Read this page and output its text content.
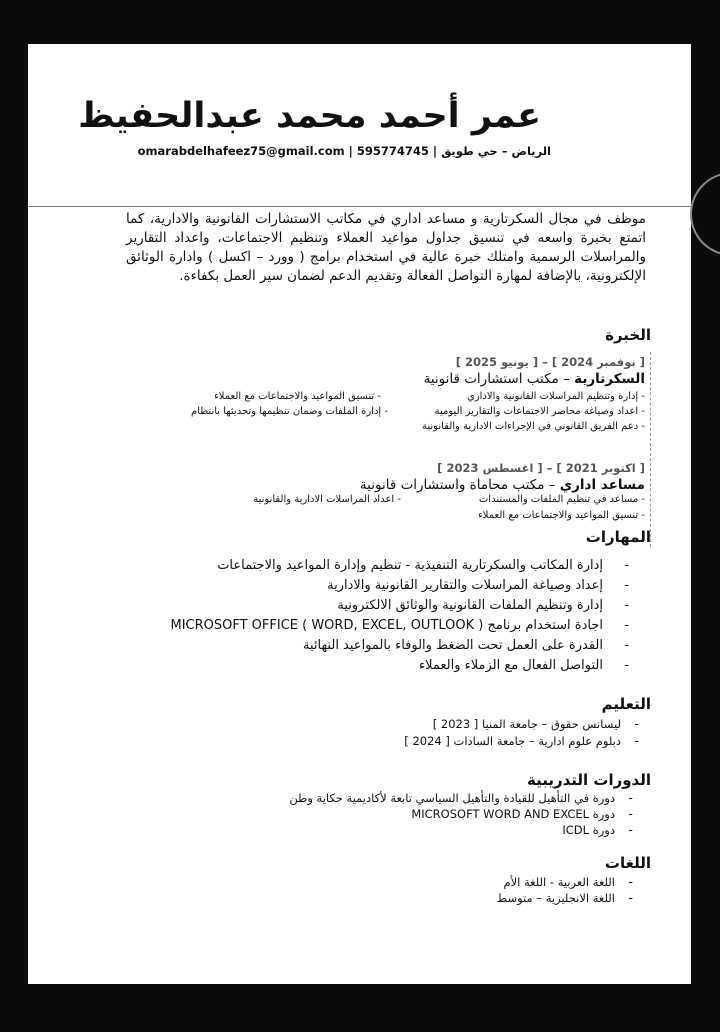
عمر أحمد محمد عبدالحفيظ
الرياض – حي طويق | 595774745 | omarabdelhafeez75@gmail.com
موظف في مجال السكرتارية و مساعد اداري في مكاتب الاستشارات القانونية والادارية، كما اتمتع بخبرة واسعه في تنسيق جداول مواعيد العملاء وتنظيم الاجتماعات، واعداد التقارير والمراسلات الرسمية وامتلك خبرة عالية في استخدام برامج ( وورد – اكسل ) وادارة الوثائق الإلكترونية، بالإضافة لمهارة التواصل الفعالة وتقديم الدعم لضمان سير العمل بكفاءة.
الخبرة
[ نوفمبر 2024 ] – [ يونيو 2025 ]
السكرتارية – مكتب استشارات قانونية
- إدارة وتنظيم المراسلات القانونية والاداري
- تنسيق المواعيد والاجتماعات مع العملاء
- اعداد وصياغة محاضر الاجتماعات والتقارير اليومية
- إدارة الملفات وضمان تنظيمها وتحديثها بانتظام
- دعم الفريق القانوني في الإجراءات الادارية والقانونية
[ اكتوبر 2021 ] – [ اغسطس 2023 ]
مساعد اداري – مكتب محاماة واستشارات قانونية
- مساعد في تنظيم الملفات والمستندات
- اعداد المراسلات الادارية والقانونية
- تنسيق المواعيد والاجتماعات مع العملاء
المهارات
-
إدارة المكاتب والسكرتارية التنفيذية - تنظيم وإدارة المواعيد والاجتماعات
-
إعداد وصياغة المراسلات والتقارير القانونية والادارية
-
إدارة وتنظيم الملفات القانونية والوثائق الالكترونية
-
اجادة استخدام برنامج ( MICROSOFT OFFICE ( WORD, EXCEL, OUTLOOK
-
القدرة على العمل تحت الضغط والوفاء بالمواعيد النهائية
-
التواصل الفعال مع الزملاء والعملاء
التعليم
-
ليسانس حقوق – جامعة المنيا [ 2023 ]
-
دبلوم علوم ادارية – جامعة السادات [ 2024 ]
الدورات التدريبية
-
دورة في التأهيل للقيادة والتأهيل السياسي تابعة لأكاديمية حكاية وطن
-
دورة MICROSOFT WORD AND EXCEL
-
دورة ICDL
اللغات
-
اللغة العربية - اللغة الأم
-
اللغة الانجليزية – متوسط
